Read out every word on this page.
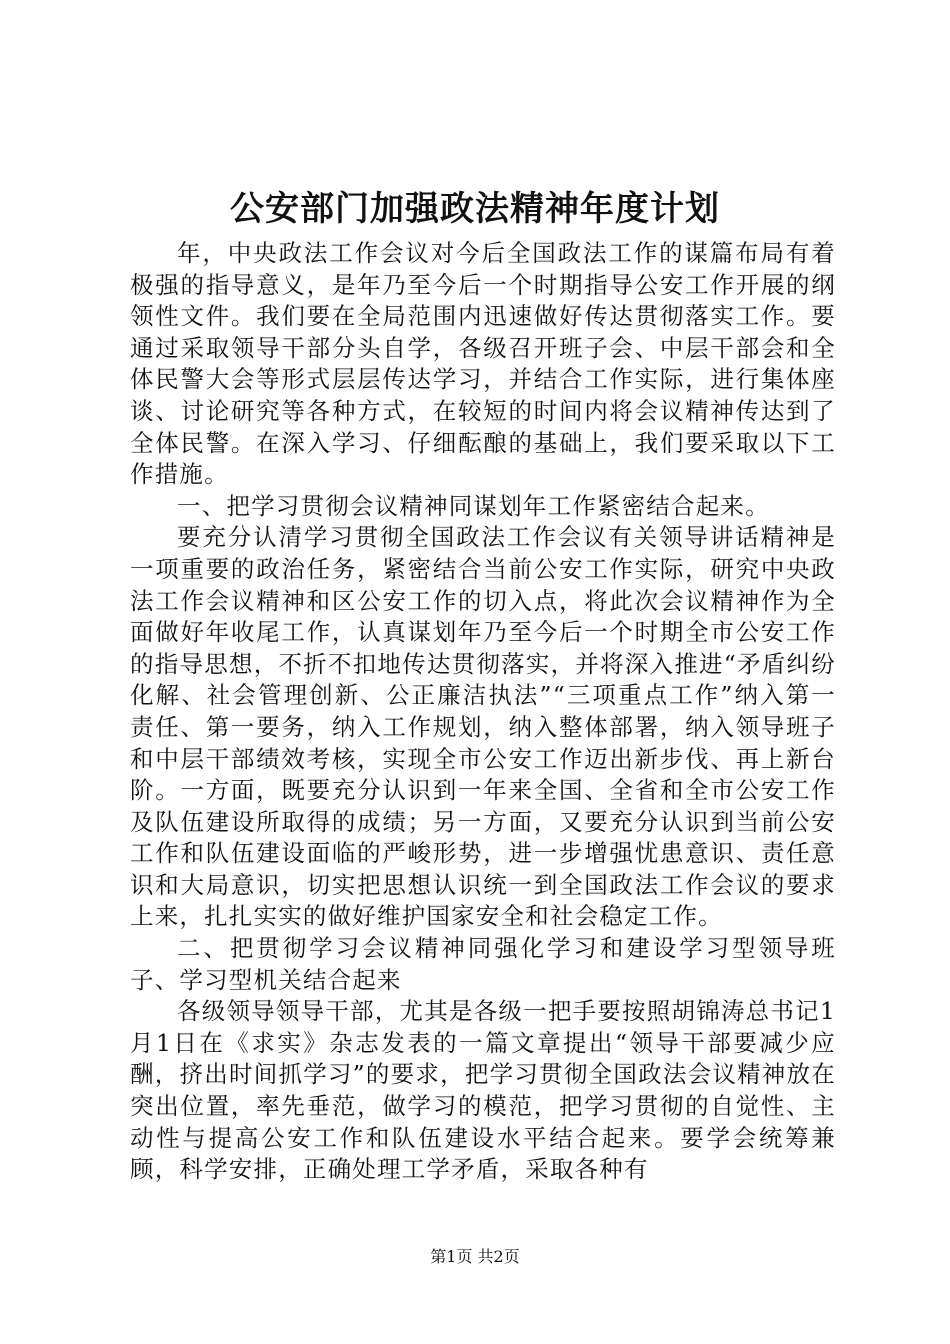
公安部门加强政法精神年度计划

年，中央政法工作会议对今后全国政法工作的谋篇布局有着极强的指导意义，是年乃至今后一个时期指导公安工作开展的纲领性文件。我们要在全局范围内迅速做好传达贯彻落实工作。要通过采取领导干部分头自学，各级召开班子会、中层干部会和全体民警大会等形式层层传达学习，并结合工作实际，进行集体座谈、讨论研究等各种方式，在较短的时间内将会议精神传达到了全体民警。在深入学习、仔细酝酿的基础上，我们要采取以下工作措施。

一、把学习贯彻会议精神同谋划年工作紧密结合起来。

要充分认清学习贯彻全国政法工作会议有关领导讲话精神是一项重要的政治任务，紧密结合当前公安工作实际，研究中央政法工作会议精神和区公安工作的切入点，将此次会议精神作为全面做好年收尾工作，认真谋划年乃至今后一个时期全市公安工作的指导思想，不折不扣地传达贯彻落实，并将深入推进“矛盾纠纷化解、社会管理创新、公正廉洁执法”“三项重点工作”纳入第一责任、第一要务，纳入工作规划，纳入整体部署，纳入领导班子和中层干部绩效考核，实现全市公安工作迈出新步伐、再上新台阶。一方面，既要充分认识到一年来全国、全省和全市公安工作及队伍建设所取得的成绩；另一方面，又要充分认识到当前公安工作和队伍建设面临的严峻形势，进一步增强忧患意识、责任意识和大局意识，切实把思想认识统一到全国政法工作会议的要求上来，扎扎实实的做好维护国家安全和社会稳定工作。

二、把贯彻学习会议精神同强化学习和建设学习型领导班子、学习型机关结合起来

各级领导领导干部，尤其是各级一把手要按照胡锦涛总书记1月1日在《求实》杂志发表的一篇文章提出“领导干部要减少应酬，挤出时间抓学习”的要求，把学习贯彻全国政法会议精神放在突出位置，率先垂范，做学习的模范，把学习贯彻的自觉性、主动性与提高公安工作和队伍建设水平结合起来。要学会统筹兼顾，科学安排，正确处理工学矛盾，采取各种有

第1页 共2页
